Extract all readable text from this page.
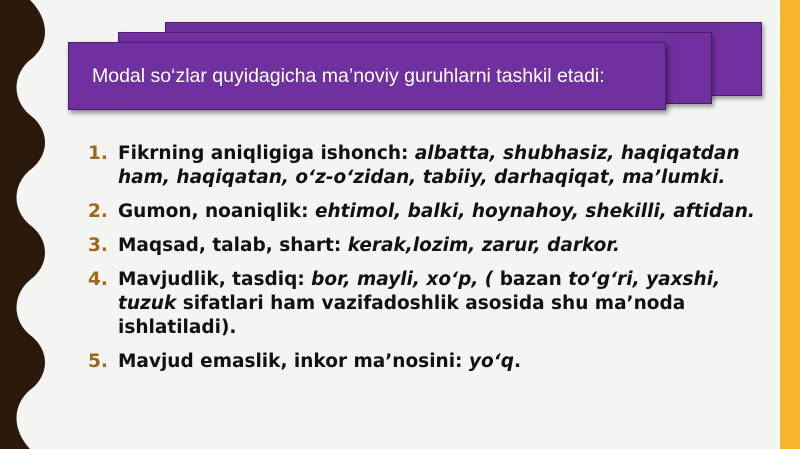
Modal so‘zlar quyidagicha ma’noviy guruhlarni tashkil etadi:
1. Fikrning aniqligiga ishonch: albatta, shubhasiz, haqiqatdan ham, haqiqatan, o‘z-o‘zidan, tabiiy, darhaqiqat, ma’lumki.
2. Gumon, noaniqlik: ehtimol, balki, hoynahoy, shekilli, aftidan.
3. Maqsad, talab, shart: kerak,lozim, zarur, darkor.
4. Mavjudlik, tasdiq: bor, mayli, xo‘p, ( bazan to‘g‘ri, yaxshi, tuzuk sifatlari ham vazifadoshlik asosida shu ma’noda ishlatiladi).
5. Mavjud emaslik, inkor ma’nosini: yo‘q.
